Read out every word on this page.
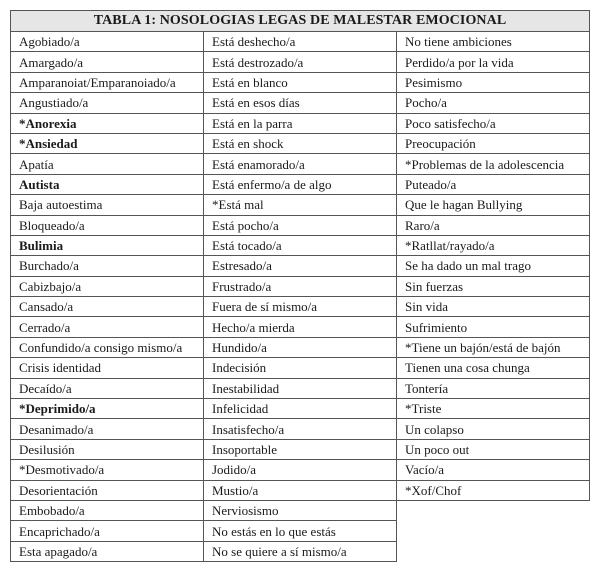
TABLA 1: NOSOLOGIAS LEGAS DE MALESTAR EMOCIONAL		
Agobiado/a	Está deshecho/a	No tiene ambiciones
Amargado/a	Está destrozado/a	Perdido/a por la vida
Amparanoiat/Emparanoiado/a	Está en blanco	Pesimismo
Angustiado/a	Está en esos días	Pocho/a
*Anorexia	Está en la parra	Poco satisfecho/a
*Ansiedad	Está en shock	Preocupación
Apatía	Está enamorado/a	*Problemas de la adolescencia
Autista	Está enfermo/a de algo	Puteado/a
Baja autoestima	*Está mal	Que le hagan Bullying
Bloqueado/a	Está pocho/a	Raro/a
Bulimia	Está tocado/a	*Ratllat/rayado/a
Burchado/a	Estresado/a	Se ha dado un mal trago
Cabizbajo/a	Frustrado/a	Sin fuerzas
Cansado/a	Fuera de sí mismo/a	Sin vida
Cerrado/a	Hecho/a mierda	Sufrimiento
Confundido/a consigo mismo/a	Hundido/a	*Tiene un bajón/está de bajón
Crisis identidad	Indecisión	Tienen una cosa chunga
Decaído/a	Inestabilidad	Tontería
*Deprimido/a	Infelicidad	*Triste
Desanimado/a	Insatisfecho/a	Un colapso
Desilusión	Insoportable	Un poco out
*Desmotivado/a	Jodido/a	Vacío/a
Desorientación	Mustio/a	*Xof/Chof
Embobado/a	Nerviosismo	
Encaprichado/a	No estás en lo que estás	
Esta apagado/a	No se quiere a sí mismo/a	
